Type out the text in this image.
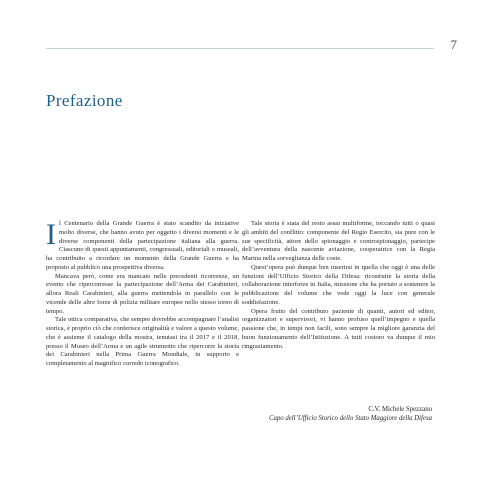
7
Prefazione

Il Centenario della Grande Guerra è stato scandito da iniziative molto diverse, che hanno avuto per oggetto i diversi momenti e le diverse componenti della partecipazione italiana alla guerra. Ciascuno di questi appuntamenti, congressuali, editoriali o museali, ha contribuito a ricordare un momento della Grande Guerra e ha proposto al pubblico una prospettiva diversa.

Mancava però, come era mancato nelle precedenti ricorrenze, un evento che ripercorresse la partecipazione dell’Arma dei Carabinieri, allora Reali Carabinieri, alla guerra mettendola in parallelo con le vicende delle altre forze di polizia militare europee nello stesso torno di tempo.

Tale ottica comparativa, che sempre dovrebbe accompagnare l’analisi storica, è proprio ciò che conferisce originalità e valore a questo volume, che è assieme il catalogo della mostra, tenutasi tra il 2017 e il 2018, presso il Museo dell’Arma e un agile strumento che ripercorre la storia dei Carabinieri nella Prima Guerra Mondiale, in supporto e completamento al magnifico corredo iconografico.

Tale storia è stata del resto assai multiforme, toccando tutti o quasi gli ambiti del conflitto: componente del Regio Esercito, sia pure con le sue specificità, attore dello spionaggio e controspionaggio, partecipe dell’avventura della nascente aviazione, cooperatrice con la Regia Marina nella sorveglianza delle coste.

Quest’opera può dunque ben inserirsi in quella che oggi è una delle funzioni dell’Ufficio Storico della Difesa: ricostruire la storia della collaborazione interforze in Italia, missione che ha portato a sostenere la pubblicazione del volume che vede oggi la luce con generale soddisfazione.

Opera frutto del contributo paziente di quanti, autori ed editor, organizzatori e supervisori, vi hanno profuso quell’impegno e quella passione che, in tempi non facili, sono sempre la migliore garanzia del buon funzionamento dell’Istituzione. A tutti costoro va dunque il mio ringraziamento.

C.V. Michele Spezzano
Capo dell’Ufficio Storico dello Stato Maggiore della Difesa
